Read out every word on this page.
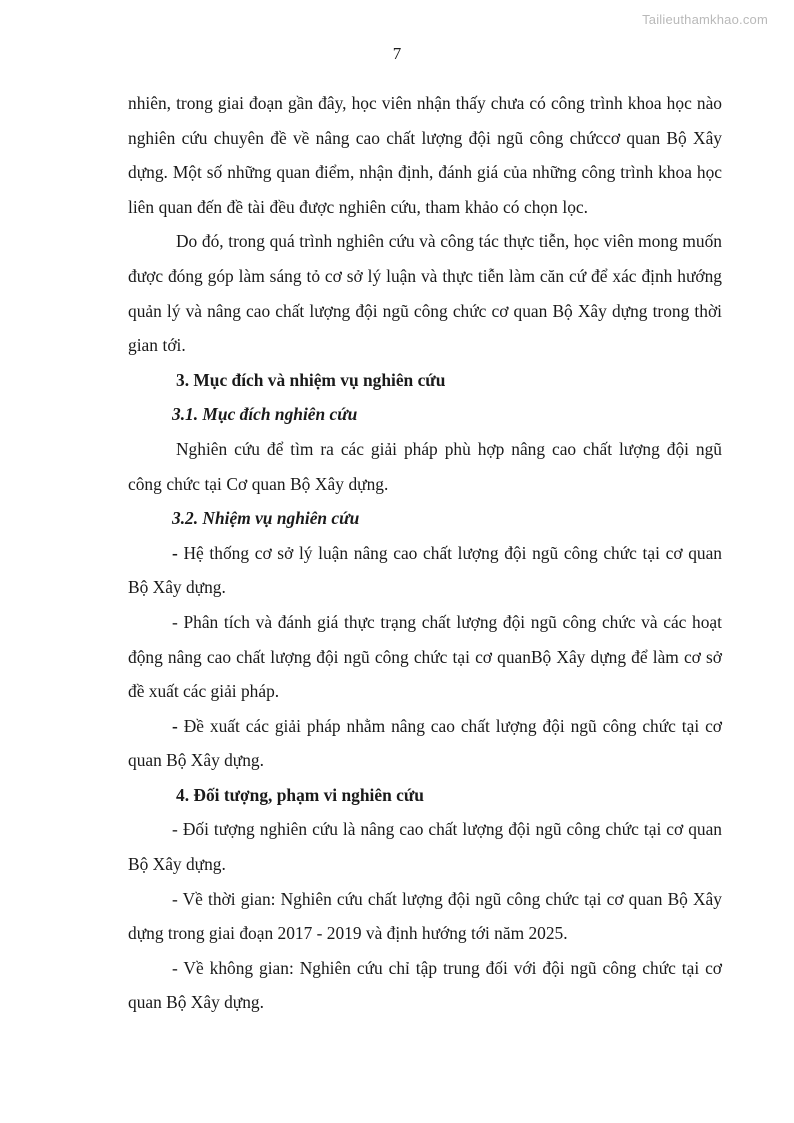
Tailieuthamkhao.com
7

nhiên, trong giai đoạn gần đây, học viên nhận thấy chưa có công trình khoa học nào nghiên cứu chuyên đề về nâng cao chất lượng đội ngũ công chứccơ quan Bộ Xây dựng. Một số những quan điểm, nhận định, đánh giá của những công trình khoa học liên quan đến đề tài đều được nghiên cứu, tham khảo có chọn lọc.

Do đó, trong quá trình nghiên cứu và công tác thực tiễn, học viên mong muốn được đóng góp làm sáng tỏ cơ sở lý luận và thực tiễn làm căn cứ để xác định hướng quản lý và nâng cao chất lượng đội ngũ công chức cơ quan Bộ Xây dựng trong thời gian tới.

3. Mục đích và nhiệm vụ nghiên cứu
3.1. Mục đích nghiên cứu

Nghiên cứu để tìm ra các giải pháp phù hợp nâng cao chất lượng đội ngũ công chức tại Cơ quan Bộ Xây dựng.

3.2. Nhiệm vụ nghiên cứu

- Hệ thống cơ sở lý luận nâng cao chất lượng đội ngũ công chức tại cơ quan Bộ Xây dựng.

- Phân tích và đánh giá thực trạng chất lượng đội ngũ công chức và các hoạt động nâng cao chất lượng đội ngũ công chức tại cơ quanBộ Xây dựng để làm cơ sở đề xuất các giải pháp.

- Đề xuất các giải pháp nhằm nâng cao chất lượng đội ngũ công chức tại cơ quan Bộ Xây dựng.

4. Đối tượng, phạm vi nghiên cứu

- Đối tượng nghiên cứu là nâng cao chất lượng đội ngũ công chức tại cơ quan Bộ Xây dựng.

- Về thời gian: Nghiên cứu chất lượng đội ngũ công chức tại cơ quan Bộ Xây dựng trong giai đoạn 2017 - 2019 và định hướng tới năm 2025.

- Về không gian: Nghiên cứu chỉ tập trung đối với đội ngũ công chức tại cơ quan Bộ Xây dựng.
